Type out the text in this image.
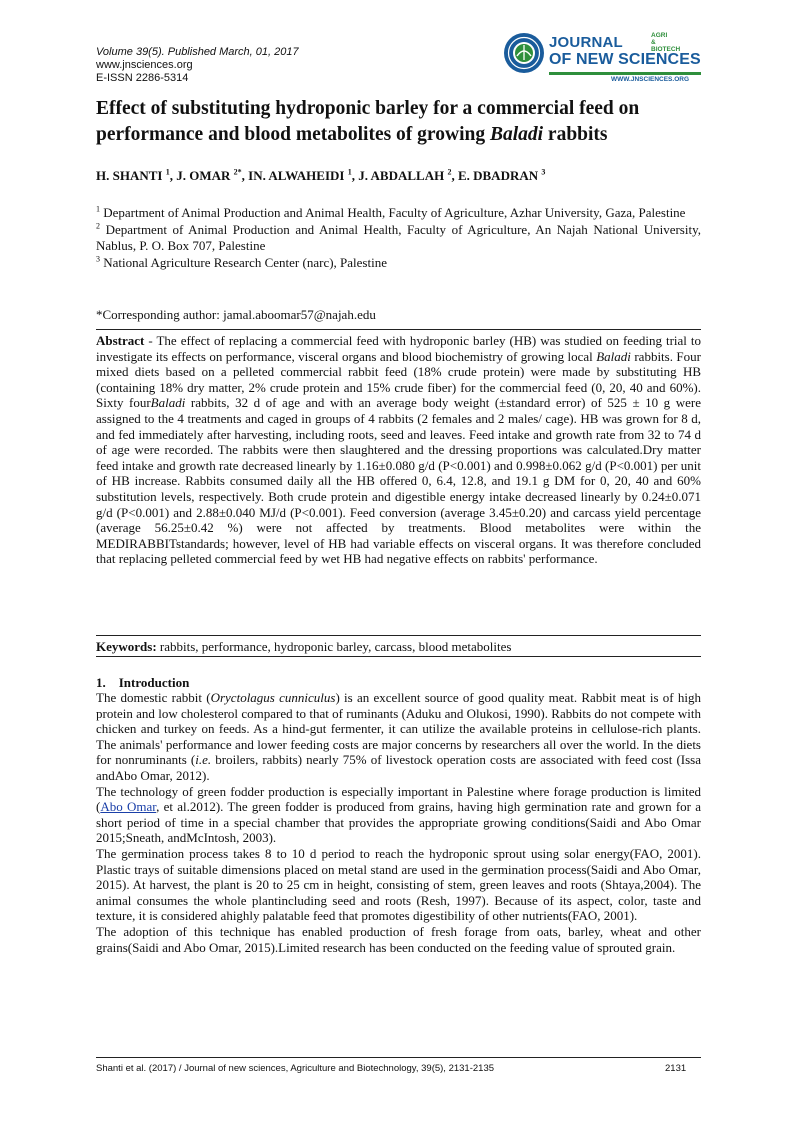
Volume 39(5). Published March, 01, 2017
www.jnsciences.org
E-ISSN 2286-5314
JOURNAL	AGRI
&
BIOTECH
OF NEW SCIENCES
WWW.JNSCIENCES.ORG
Effect of substituting hydroponic barley for a commercial feed on performance and blood metabolites of growing Baladi rabbits
H. SHANTI $^1$, J. OMAR $^{2*}$, IN. ALWAHEIDI $^1$, J. ABDALLAH $^2$, E. DBADRAN $^3$

$^1$ Department of Animal Production and Animal Health, Faculty of Agriculture, Azhar University, Gaza, Palestine

$^2$ Department of Animal Production and Animal Health, Faculty of Agriculture, An Najah National University, Nablus, P. O. Box 707, Palestine

$^3$ National Agriculture Research Center (narc), Palestine

*Corresponding author: jamal.aboomar57@najah.edu
Abstract - The effect of replacing a commercial feed with hydroponic barley (HB) was studied on feeding trial to investigate its effects on performance, visceral organs and blood biochemistry of growing local Baladi rabbits. Four mixed diets based on a pelleted commercial rabbit feed (18% crude protein) were made by substituting HB (containing 18% dry matter, 2% crude protein and 15% crude fiber) for the commercial feed (0, 20, 40 and 60%). Sixty fourBaladi rabbits, 32 d of age and with an average body weight (±standard error) of 525 ± 10 g were assigned to the 4 treatments and caged in groups of 4 rabbits (2 females and 2 males/ cage). HB was grown for 8 d, and fed immediately after harvesting, including roots, seed and leaves. Feed intake and growth rate from 32 to 74 d of age were recorded. The rabbits were then slaughtered and the dressing proportions was calculated.Dry matter feed intake and growth rate decreased linearly by 1.16±0.080 g/d (P<0.001) and 0.998±0.062 g/d (P<0.001) per unit of HB increase. Rabbits consumed daily all the HB offered 0, 6.4, 12.8, and 19.1 g DM for 0, 20, 40 and 60% substitution levels, respectively. Both crude protein and digestible energy intake decreased linearly by 0.24±0.071 g/d (P<0.001) and 2.88±0.040 MJ/d (P<0.001). Feed conversion (average 3.45±0.20) and carcass yield percentage (average 56.25±0.42 %) were not affected by treatments. Blood metabolites were within the MEDIRABBITstandards; however, level of HB had variable effects on visceral organs. It was therefore concluded that replacing pelleted commercial feed by wet HB had negative effects on rabbits' performance.
Keywords: rabbits, performance, hydroponic barley, carcass, blood metabolites
1. Introduction

The domestic rabbit (Oryctolagus cunniculus) is an excellent source of good quality meat. Rabbit meat is of high protein and low cholesterol compared to that of ruminants (Aduku and Olukosi, 1990). Rabbits do not compete with chicken and turkey on feeds. As a hind-gut fermenter, it can utilize the available proteins in cellulose-rich plants. The animals' performance and lower feeding costs are major concerns by researchers all over the world. In the diets for nonruminants (i.e. broilers, rabbits) nearly 75% of livestock operation costs are associated with feed cost (Issa andAbo Omar, 2012).

The technology of green fodder production is especially important in Palestine where forage production is limited (Abo Omar, et al.2012). The green fodder is produced from grains, having high germination rate and grown for a short period of time in a special chamber that provides the appropriate growing conditions(Saidi and Abo Omar 2015;Sneath, andMcIntosh, 2003).

The germination process takes 8 to 10 d period to reach the hydroponic sprout using solar energy(FAO, 2001). Plastic trays of suitable dimensions placed on metal stand are used in the germination process(Saidi and Abo Omar, 2015). At harvest, the plant is 20 to 25 cm in height, consisting of stem, green leaves and roots (Shtaya,2004). The animal consumes the whole plantincluding seed and roots (Resh, 1997). Because of its aspect, color, taste and texture, it is considered ahighly palatable feed that promotes digestibility of other nutrients(FAO, 2001).

The adoption of this technique has enabled production of fresh forage from oats, barley, wheat and other grains(Saidi and Abo Omar, 2015).Limited research has been conducted on the feeding value of sprouted grain.

Shanti et al. (2017) / Journal of new sciences, Agriculture and Biotechnology, 39(5), 2131-2135	2131
